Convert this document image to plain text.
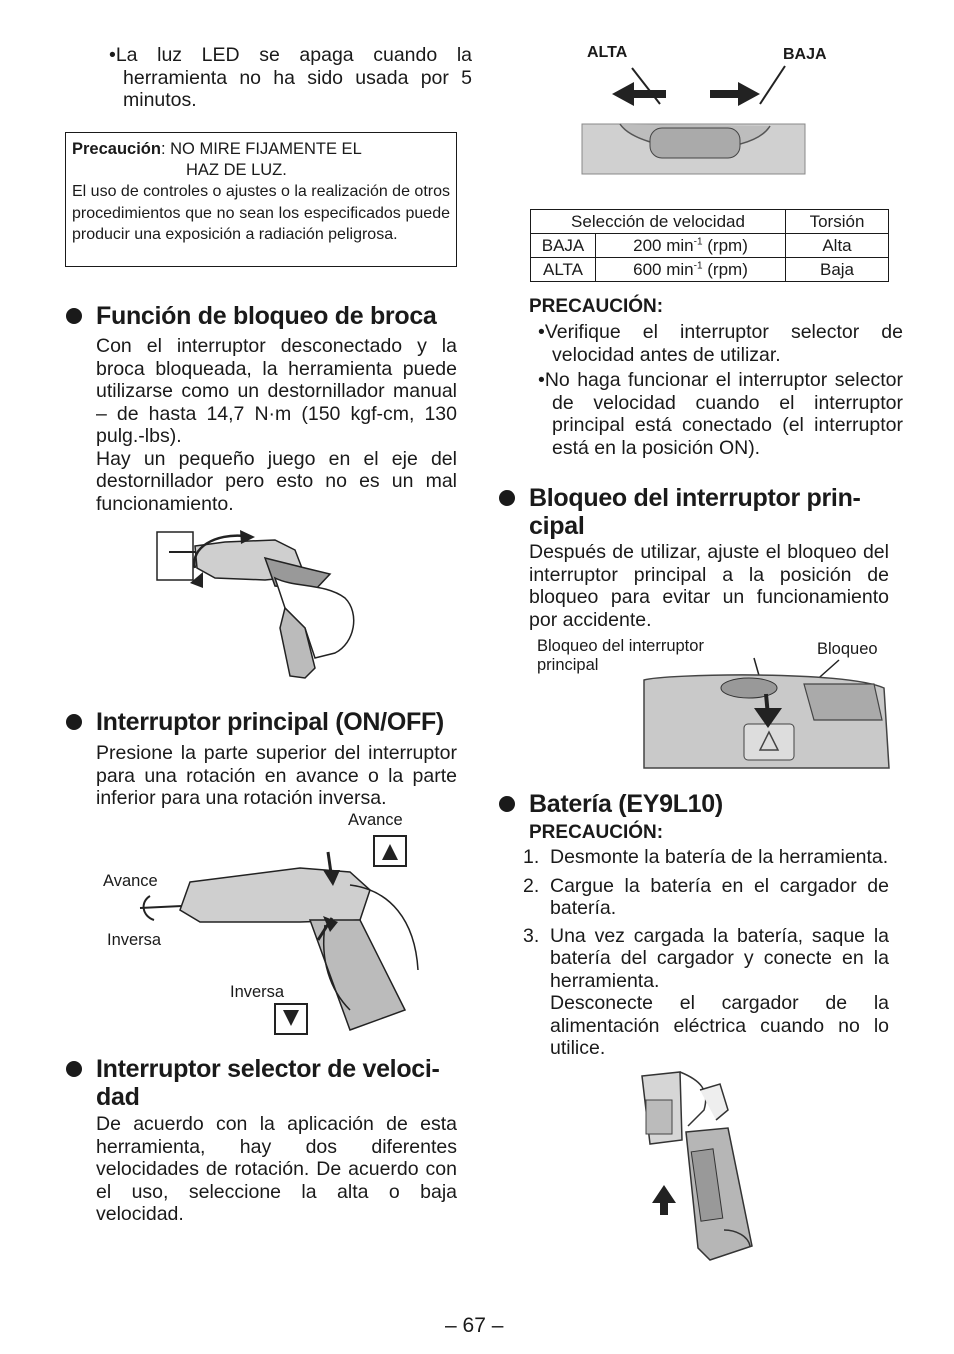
•La luz LED se apaga cuando la herramienta no ha sido usada por 5 minutos.
Precaución: NO MIRE FIJAMENTE EL
HAZ DE LUZ.
El uso de controles o ajustes o la realización de otros procedimientos que no sean los especificados puede producir una exposición a radiación peligrosa.
Función de bloqueo de broca

Con el interruptor desconectado y la broca bloqueada, la herramienta puede utilizarse como un destornillador manual – de hasta 14,7 N·m (150 kgf-cm, 130 pulg.-lbs).

Hay un pequeño juego en el eje del destornillador pero esto no es un mal funcionamiento.

Interruptor principal (ON/OFF)

Presione la parte superior del interruptor para una rotación en avance o la parte inferior para una rotación inversa.

Avance
Avance
Inversa
Inversa
Interruptor selector de veloci-
dad

De acuerdo con la aplicación de esta herramienta, hay dos diferentes velocidades de rotación. De acuerdo con el uso, seleccione la alta o baja velocidad.

ALTA	BAJA
Selección de velocidad		Torsión
BAJA	200 $\min^{-1} (rpm)$	Alta
ALTA	600 $\min^{-1} (rpm)$	Baja
PRECAUCIÓN:
•Verifique el interruptor selector de velocidad antes de utilizar.
•No haga funcionar el interruptor selector de velocidad cuando el interruptor principal está conectado (el interruptor está en la posición ON).
Bloqueo del interruptor prin-
cipal

Después de utilizar, ajuste el bloqueo del interruptor principal a la posición de bloqueo para evitar un funcionamiento por accidente.

Bloqueo del interruptor
principal
Bloqueo
Batería (EY9L10)
PRECAUCIÓN:
1. Desmonte la batería de la herramienta.
2. Cargue la batería en el cargador de batería.
3. Una vez cargada la batería, saque la batería del cargador y conecte en la herramienta.
Desconecte el cargador de la alimentación eléctrica cuando no lo utilice.
– 67 –
